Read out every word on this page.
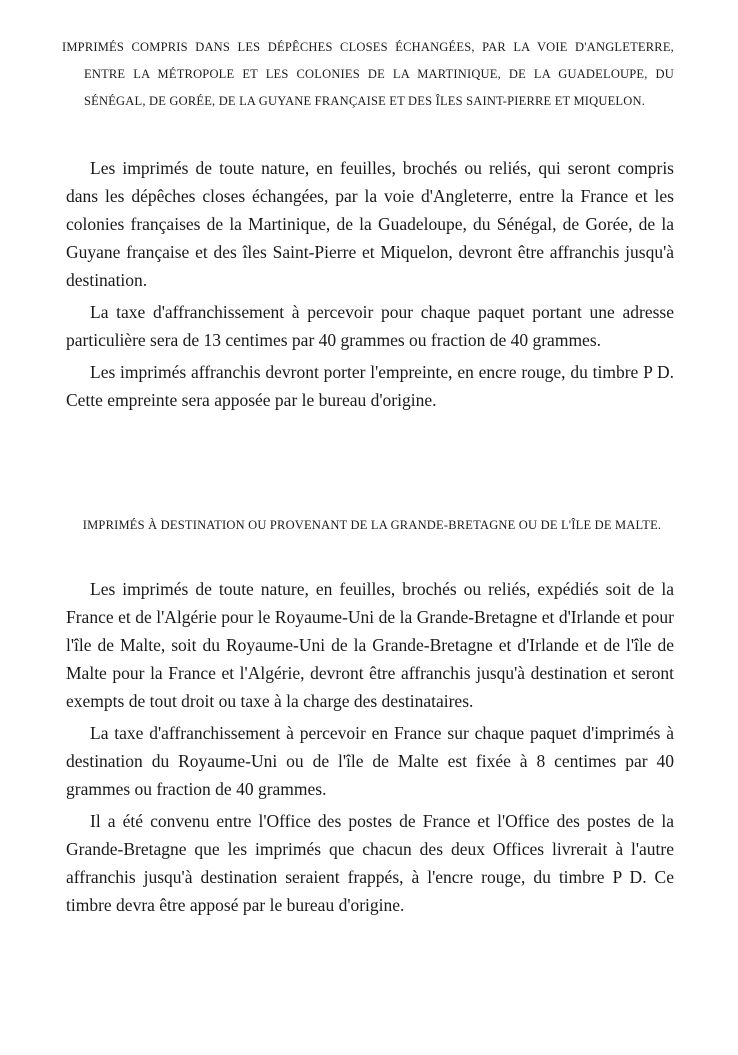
IMPRIMÉS COMPRIS DANS LES DÉPÊCHES CLOSES ÉCHANGÉES, PAR LA VOIE D'ANGLETERRE, ENTRE LA MÉTROPOLE ET LES COLONIES DE LA MARTINIQUE, DE LA GUADELOUPE, DU SÉNÉGAL, DE GORÉE, DE LA GUYANE FRANÇAISE ET DES ÎLES SAINT-PIERRE ET MIQUELON.

Les imprimés de toute nature, en feuilles, brochés ou reliés, qui seront compris dans les dépêches closes échangées, par la voie d'Angleterre, entre la France et les colonies françaises de la Martinique, de la Guadeloupe, du Sénégal, de Gorée, de la Guyane française et des îles Saint-Pierre et Miquelon, devront être affranchis jusqu'à destination.

La taxe d'affranchissement à percevoir pour chaque paquet portant une adresse particulière sera de 13 centimes par 40 grammes ou fraction de 40 grammes.

Les imprimés affranchis devront porter l'empreinte, en encre rouge, du timbre P D. Cette empreinte sera apposée par le bureau d'origine.

IMPRIMÉS À DESTINATION OU PROVENANT DE LA GRANDE-BRETAGNE OU DE L'ÎLE DE MALTE.

Les imprimés de toute nature, en feuilles, brochés ou reliés, expédiés soit de la France et de l'Algérie pour le Royaume-Uni de la Grande-Bretagne et d'Irlande et pour l'île de Malte, soit du Royaume-Uni de la Grande-Bretagne et d'Irlande et de l'île de Malte pour la France et l'Algérie, devront être affranchis jusqu'à destination et seront exempts de tout droit ou taxe à la charge des destinataires.

La taxe d'affranchissement à percevoir en France sur chaque paquet d'imprimés à destination du Royaume-Uni ou de l'île de Malte est fixée à 8 centimes par 40 grammes ou fraction de 40 grammes.

Il a été convenu entre l'Office des postes de France et l'Office des postes de la Grande-Bretagne que les imprimés que chacun des deux Offices livrerait à l'autre affranchis jusqu'à destination seraient frappés, à l'encre rouge, du timbre P D. Ce timbre devra être apposé par le bureau d'origine.
